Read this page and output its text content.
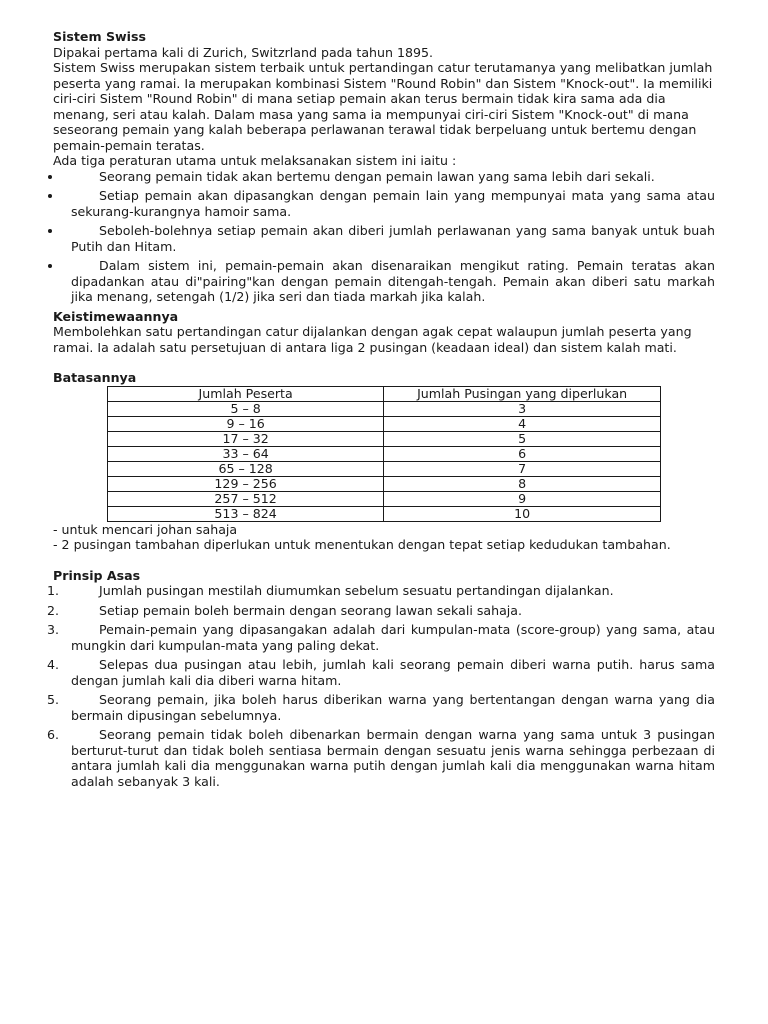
Sistem Swiss

Dipakai pertama kali di Zurich, Switzrland pada tahun 1895.

Sistem Swiss merupakan sistem terbaik untuk pertandingan catur terutamanya yang melibatkan jumlah peserta yang ramai. Ia merupakan kombinasi Sistem "Round Robin" dan Sistem "Knock-out". Ia memiliki ciri-ciri Sistem "Round Robin" di mana setiap pemain akan terus bermain tidak kira sama ada dia menang, seri atau kalah. Dalam masa yang sama ia mempunyai ciri-ciri Sistem "Knock-out" di mana seseorang pemain yang kalah beberapa perlawanan terawal tidak berpeluang untuk bertemu dengan pemain-pemain teratas.

Ada tiga peraturan utama untuk melaksanakan sistem ini iaitu :

Seorang pemain tidak akan bertemu dengan pemain lawan yang sama lebih dari sekali.
Setiap pemain akan dipasangkan dengan pemain lain yang mempunyai mata yang sama atau sekurang-kurangnya hamoir sama.
Seboleh-bolehnya setiap pemain akan diberi jumlah perlawanan yang sama banyak untuk buah Putih dan Hitam.
Dalam sistem ini, pemain-pemain akan disenaraikan mengikut rating. Pemain teratas akan dipadankan atau di"pairing"kan dengan pemain ditengah-tengah. Pemain akan diberi satu markah jika menang, setengah (1/2) jika seri dan tiada markah jika kalah.

Keistimewaannya

Membolehkan satu pertandingan catur dijalankan dengan agak cepat walaupun jumlah peserta yang ramai. Ia adalah satu persetujuan di antara liga 2 pusingan (keadaan ideal) dan sistem kalah mati.

Batasannya

Jumlah Peserta	Jumlah Pusingan yang diperlukan
5 – 8	3
9 – 16	4
17 – 32	5
33 – 64	6
65 – 128	7
129 – 256	8
257 – 512	9
513 – 824	10

- untuk mencari johan sahaja

- 2 pusingan tambahan diperlukan untuk menentukan dengan tepat setiap kedudukan tambahan.

Prinsip Asas

1.	Jumlah pusingan mestilah diumumkan sebelum sesuatu pertandingan dijalankan.
2.	Setiap pemain boleh bermain dengan seorang lawan sekali sahaja.
3.	Pemain-pemain yang dipasangakan adalah dari kumpulan-mata (score-group) yang sama, atau mungkin dari kumpulan-mata yang paling dekat.
4.	Selepas dua pusingan atau lebih, jumlah kali seorang pemain diberi warna putih. harus sama dengan jumlah kali dia diberi warna hitam.
5.	Seorang pemain, jika boleh harus diberikan warna yang bertentangan dengan warna yang dia bermain dipusingan sebelumnya.
6.	Seorang pemain tidak boleh dibenarkan bermain dengan warna yang sama untuk 3 pusingan berturut-turut dan tidak boleh sentiasa bermain dengan sesuatu jenis warna sehingga perbezaan di antara jumlah kali dia menggunakan warna putih dengan jumlah kali dia menggunakan warna hitam adalah sebanyak 3 kali.
